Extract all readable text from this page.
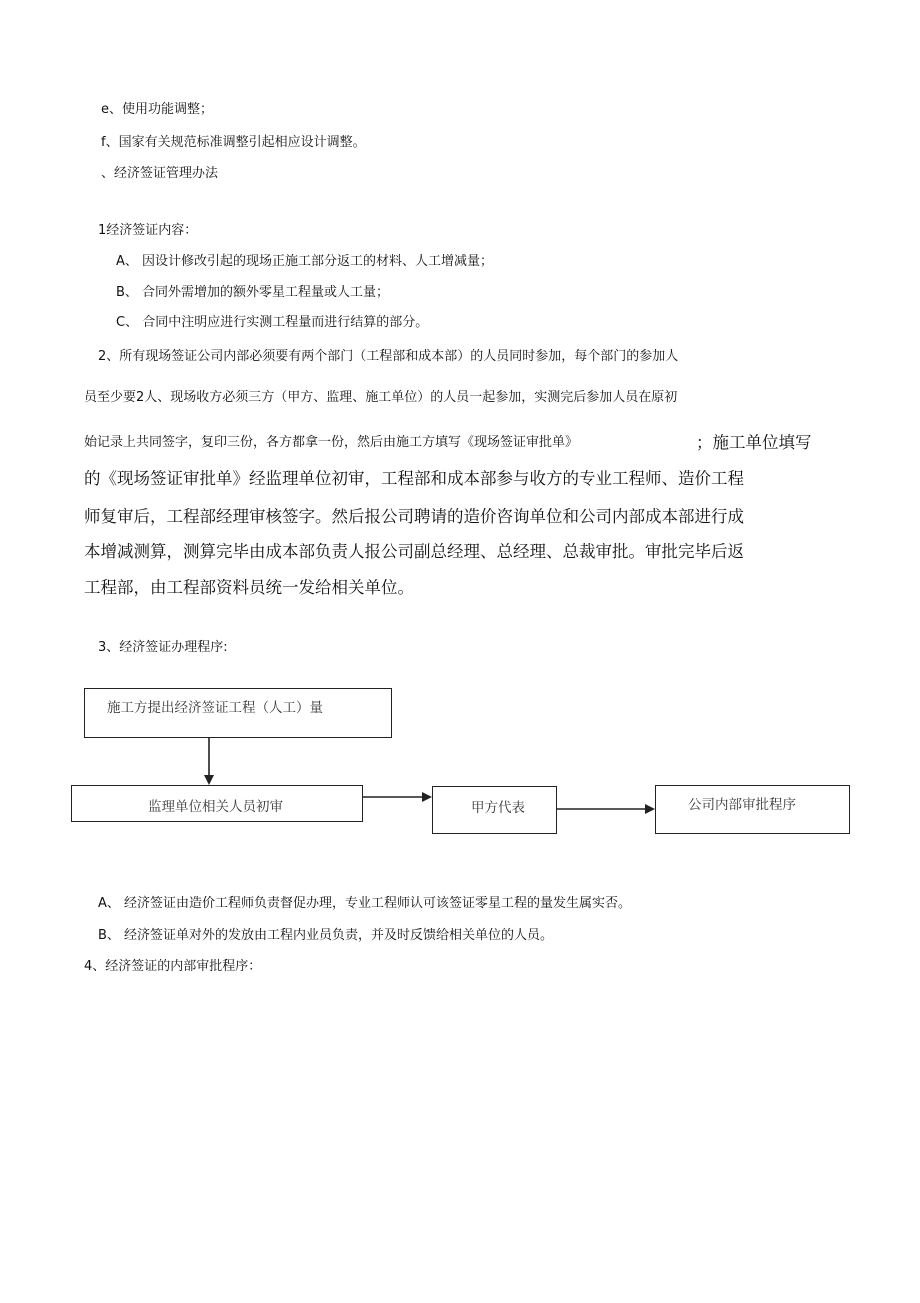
e、使用功能调整；
f、国家有关规范标准调整引起相应设计调整。
、经济签证管理办法
1经济签证内容：
A、 因设计修改引起的现场正施工部分返工的材料、人工增减量；
B、 合同外需增加的额外零星工程量或人工量；
C、 合同中注明应进行实测工程量而进行结算的部分。
2、所有现场签证公司内部必须要有两个部门（工程部和成本部）的人员同时参加，每个部门的参加人
员至少要2人、现场收方必须三方（甲方、监理、施工单位）的人员一起参加，实测完后参加人员在原初
始记录上共同签字，复印三份，各方都拿一份，然后由施工方填写《现场签证审批单》	；施工单位填写
的《现场签证审批单》经监理单位初审，工程部和成本部参与收方的专业工程师、造价工程
师复审后，工程部经理审核签字。然后报公司聘请的造价咨询单位和公司内部成本部进行成
本增减测算，测算完毕由成本部负责人报公司副总经理、总经理、总裁审批。审批完毕后返
工程部，由工程部资料员统一发给相关单位。
3、经济签证办理程序:
施工方提出经济签证工程（人工）量
监理单位相关人员初审	甲方代表	公司内部审批程序
A、 经济签证由造价工程师负责督促办理，专业工程师认可该签证零星工程的量发生属实否。
B、 经济签证单对外的发放由工程内业员负责，并及时反馈给相关单位的人员。
4、经济签证的内部审批程序：
